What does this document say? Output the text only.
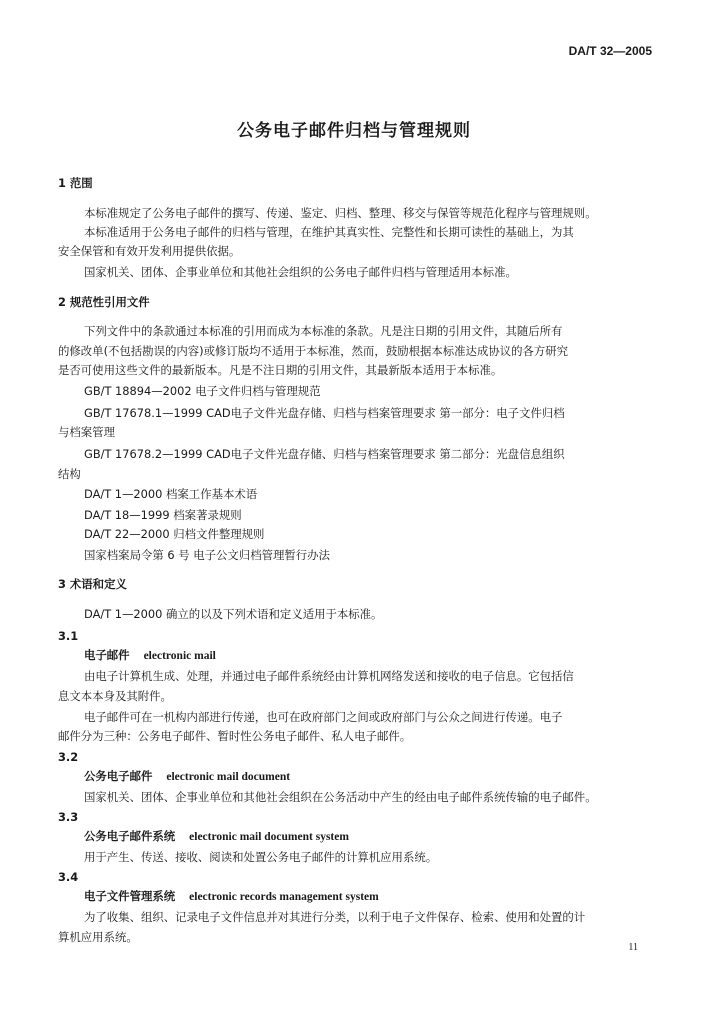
DA/T 32—2005
公务电子邮件归档与管理规则
1 范围
本标准规定了公务电子邮件的撰写、传递、鉴定、归档、整理、移交与保管等规范化程序与管理规则。
本标准适用于公务电子邮件的归档与管理，在维护其真实性、完整性和长期可读性的基础上，为其
安全保管和有效开发利用提供依据。
国家机关、团体、企事业单位和其他社会组织的公务电子邮件归档与管理适用本标准。
2 规范性引用文件
下列文件中的条款通过本标准的引用而成为本标准的条款。凡是注日期的引用文件，其随后所有
的修改单(不包括勘误的内容)或修订版均不适用于本标准，然而，鼓励根据本标准达成协议的各方研究
是否可使用这些文件的最新版本。凡是不注日期的引用文件，其最新版本适用于本标准。
GB/T 18894—2002 电子文件归档与管理规范
GB/T 17678.1—1999 CAD电子文件光盘存储、归档与档案管理要求 第一部分：电子文件归档
与档案管理
GB/T 17678.2—1999 CAD电子文件光盘存储、归档与档案管理要求 第二部分：光盘信息组织
结构
DA/T 1—2000 档案工作基本术语
DA/T 18—1999 档案著录规则
DA/T 22—2000 归档文件整理规则
国家档案局令第 6 号 电子公文归档管理暂行办法
3 术语和定义
DA/T 1—2000 确立的以及下列术语和定义适用于本标准。
3.1
电子邮件 electronic mail
由电子计算机生成、处理，并通过电子邮件系统经由计算机网络发送和接收的电子信息。它包括信
息文本本身及其附件。
电子邮件可在一机构内部进行传递，也可在政府部门之间或政府部门与公众之间进行传递。电子
邮件分为三种：公务电子邮件、暂时性公务电子邮件、私人电子邮件。
3.2
公务电子邮件 electronic mail document
国家机关、团体、企事业单位和其他社会组织在公务活动中产生的经由电子邮件系统传输的电子邮件。
3.3
公务电子邮件系统 electronic mail document system
用于产生、传送、接收、阅读和处置公务电子邮件的计算机应用系统。
3.4
电子文件管理系统 electronic records management system
为了收集、组织、记录电子文件信息并对其进行分类，以利于电子文件保存、检索、使用和处置的计
算机应用系统。
11
